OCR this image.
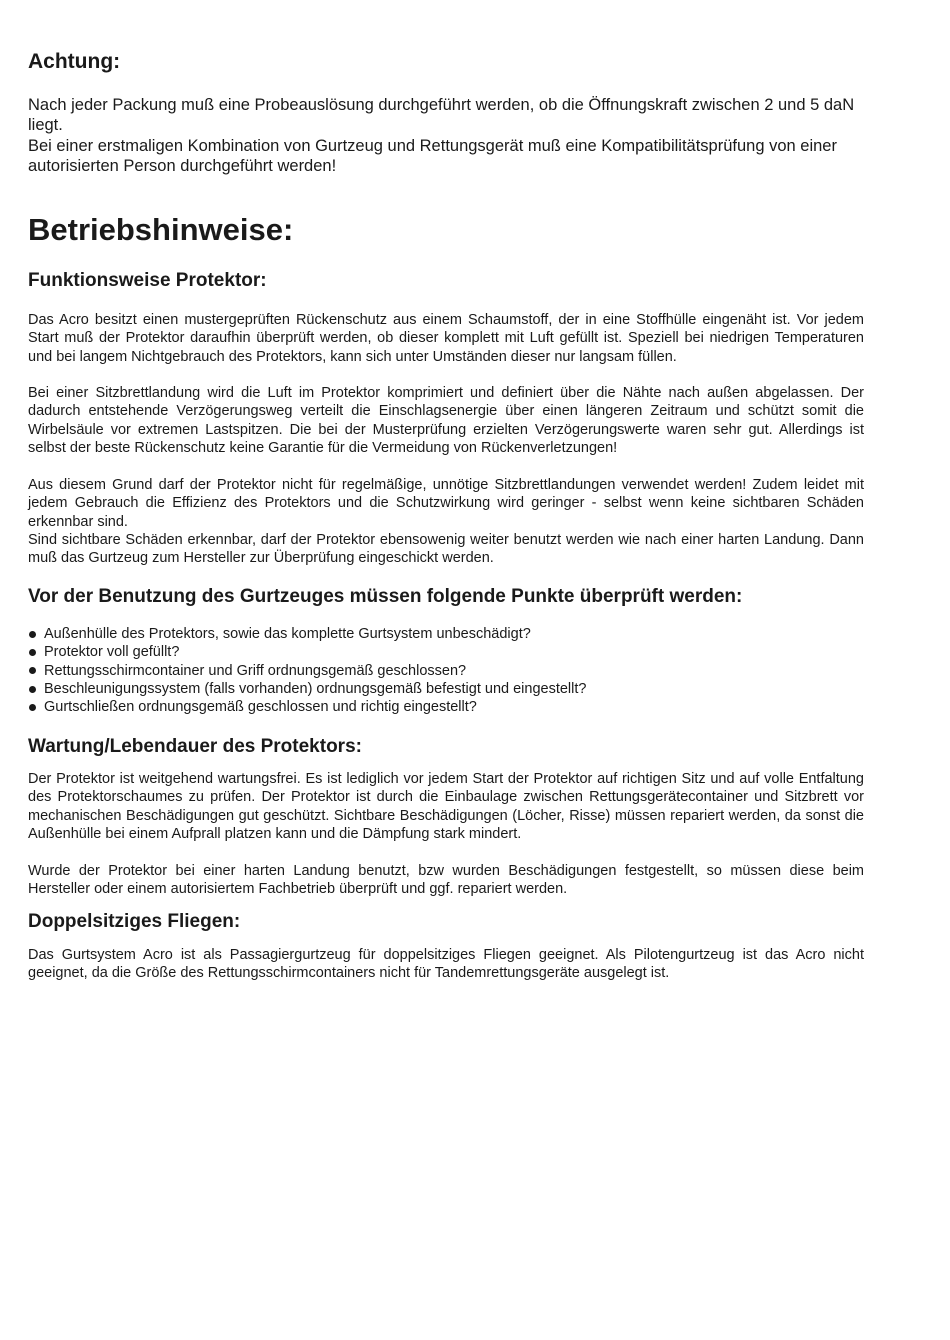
Achtung:
Nach jeder Packung muß eine Probeauslösung durchgeführt werden, ob die Öffnungskraft zwischen 2 und 5 daN liegt.
Bei einer erstmaligen Kombination von Gurtzeug und Rettungsgerät muß eine Kompatibilitätsprüfung von einer autorisierten Person durchgeführt werden!
Betriebshinweise:
Funktionsweise Protektor:

Das Acro besitzt einen mustergeprüften Rückenschutz aus einem Schaumstoff, der in eine Stoffhülle eingenäht ist. Vor jedem Start muß der Protektor daraufhin überprüft werden, ob dieser komplett mit Luft gefüllt ist. Speziell bei niedrigen Temperaturen und bei langem Nichtgebrauch des Protektors, kann sich unter Umständen dieser nur langsam füllen.

Bei einer Sitzbrettlandung wird die Luft im Protektor komprimiert und definiert über die Nähte nach außen abgelassen. Der dadurch entstehende Verzögerungsweg verteilt die Einschlagsenergie über einen längeren Zeitraum und schützt somit die Wirbelsäule vor extremen Lastspitzen. Die bei der Musterprüfung erzielten Verzögerungswerte waren sehr gut. Allerdings ist selbst der beste Rückenschutz keine Garantie für die Vermeidung von Rückenverletzungen!

Aus diesem Grund darf der Protektor nicht für regelmäßige, unnötige Sitzbrettlandungen verwendet werden! Zudem leidet mit jedem Gebrauch die Effizienz des Protektors und die Schutzwirkung wird geringer - selbst wenn keine sichtbaren Schäden erkennbar sind.

Sind sichtbare Schäden erkennbar, darf der Protektor ebensowenig weiter benutzt werden wie nach einer harten Landung. Dann muß das Gurtzeug zum Hersteller zur Überprüfung eingeschickt werden.

Vor der Benutzung des Gurtzeuges müssen folgende Punkte überprüft werden:
Außenhülle des Protektors, sowie das komplette Gurtsystem unbeschädigt?
Protektor voll gefüllt?
Rettungsschirmcontainer und Griff ordnungsgemäß geschlossen?
Beschleunigungssystem (falls vorhanden) ordnungsgemäß befestigt und eingestellt?
Gurtschließen ordnungsgemäß geschlossen und richtig eingestellt?
Wartung/Lebendauer des Protektors:

Der Protektor ist weitgehend wartungsfrei. Es ist lediglich vor jedem Start der Protektor auf richtigen Sitz und auf volle Entfaltung des Protektorschaumes zu prüfen. Der Protektor ist durch die Einbaulage zwischen Rettungsgerätecontainer und Sitzbrett vor mechanischen Beschädigungen gut geschützt. Sichtbare Beschädigungen (Löcher, Risse) müssen repariert werden, da sonst die Außenhülle bei einem Aufprall platzen kann und die Dämpfung stark mindert.

Wurde der Protektor bei einer harten Landung benutzt, bzw wurden Beschädigungen festgestellt, so müssen diese beim Hersteller oder einem autorisiertem Fachbetrieb überprüft und ggf. repariert werden.

Doppelsitziges Fliegen:

Das Gurtsystem Acro ist als Passagiergurtzeug für doppelsitziges Fliegen geeignet. Als Pilotengurtzeug ist das Acro nicht geeignet, da die Größe des Rettungsschirmcontainers nicht für Tandemrettungsgeräte ausgelegt ist.
